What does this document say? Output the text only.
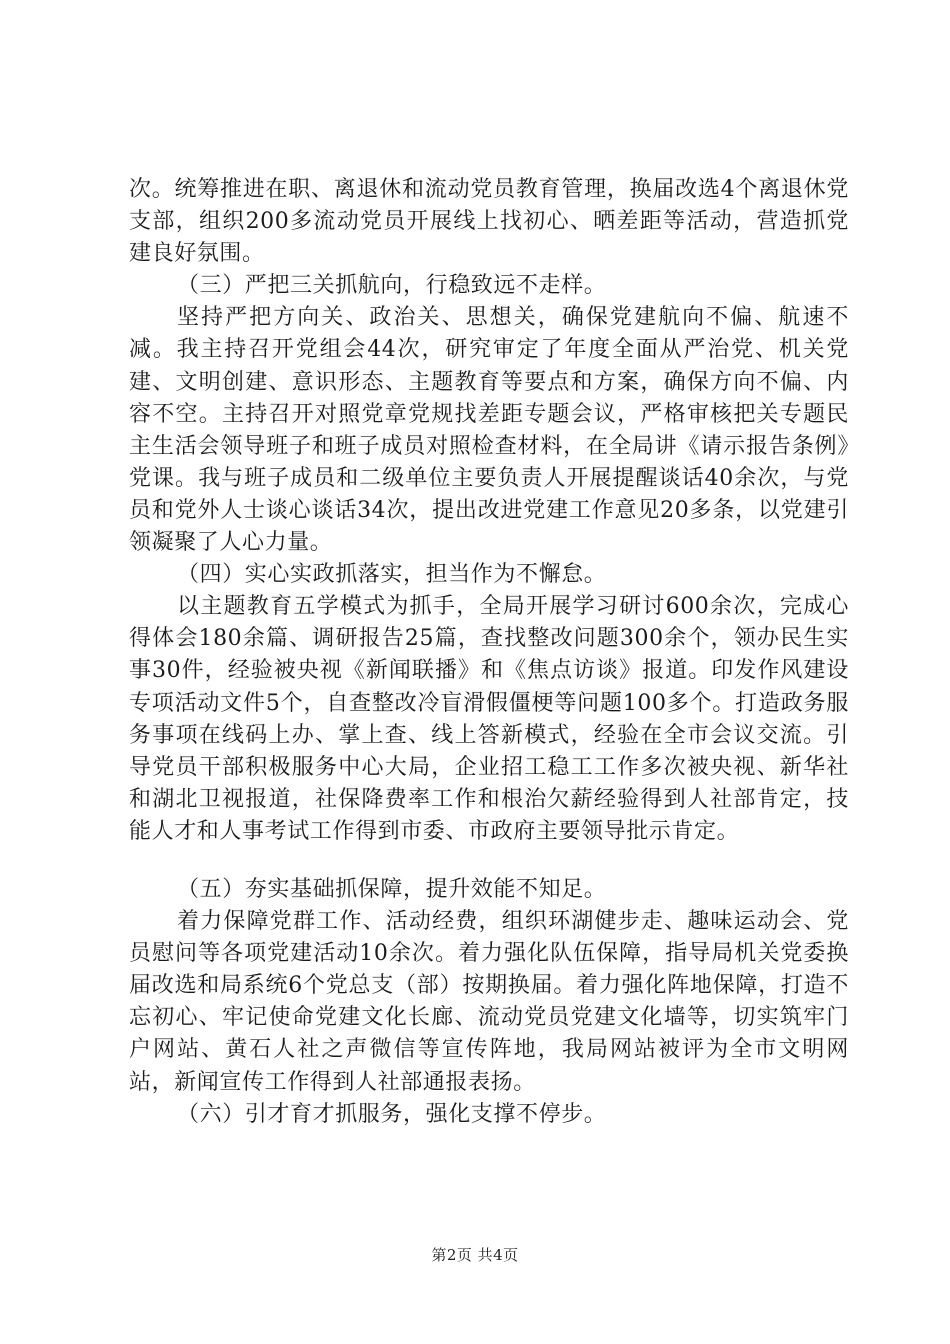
次。统筹推进在职、离退休和流动党员教育管理，换届改选4个离退休党支部，组织200多流动党员开展线上找初心、晒差距等活动，营造抓党建良好氛围。

（三）严把三关抓航向，行稳致远不走样。

坚持严把方向关、政治关、思想关，确保党建航向不偏、航速不减。我主持召开党组会44次，研究审定了年度全面从严治党、机关党建、文明创建、意识形态、主题教育等要点和方案，确保方向不偏、内容不空。主持召开对照党章党规找差距专题会议，严格审核把关专题民主生活会领导班子和班子成员对照检查材料，在全局讲《请示报告条例》党课。我与班子成员和二级单位主要负责人开展提醒谈话40余次，与党员和党外人士谈心谈话34次，提出改进党建工作意见20多条，以党建引领凝聚了人心力量。

（四）实心实政抓落实，担当作为不懈怠。

以主题教育五学模式为抓手，全局开展学习研讨600余次，完成心得体会180余篇、调研报告25篇，查找整改问题300余个，领办民生实事30件，经验被央视《新闻联播》和《焦点访谈》报道。印发作风建设专项活动文件5个，自查整改冷盲滑假僵梗等问题100多个。打造政务服务事项在线码上办、掌上查、线上答新模式，经验在全市会议交流。引导党员干部积极服务中心大局，企业招工稳工工作多次被央视、新华社和湖北卫视报道，社保降费率工作和根治欠薪经验得到人社部肯定，技能人才和人事考试工作得到市委、市政府主要领导批示肯定。

（五）夯实基础抓保障，提升效能不知足。

着力保障党群工作、活动经费，组织环湖健步走、趣味运动会、党员慰问等各项党建活动10余次。着力强化队伍保障，指导局机关党委换届改选和局系统6个党总支（部）按期换届。着力强化阵地保障，打造不忘初心、牢记使命党建文化长廊、流动党员党建文化墙等，切实筑牢门户网站、黄石人社之声微信等宣传阵地，我局网站被评为全市文明网站，新闻宣传工作得到人社部通报表扬。

（六）引才育才抓服务，强化支撑不停步。

第2页 共4页
